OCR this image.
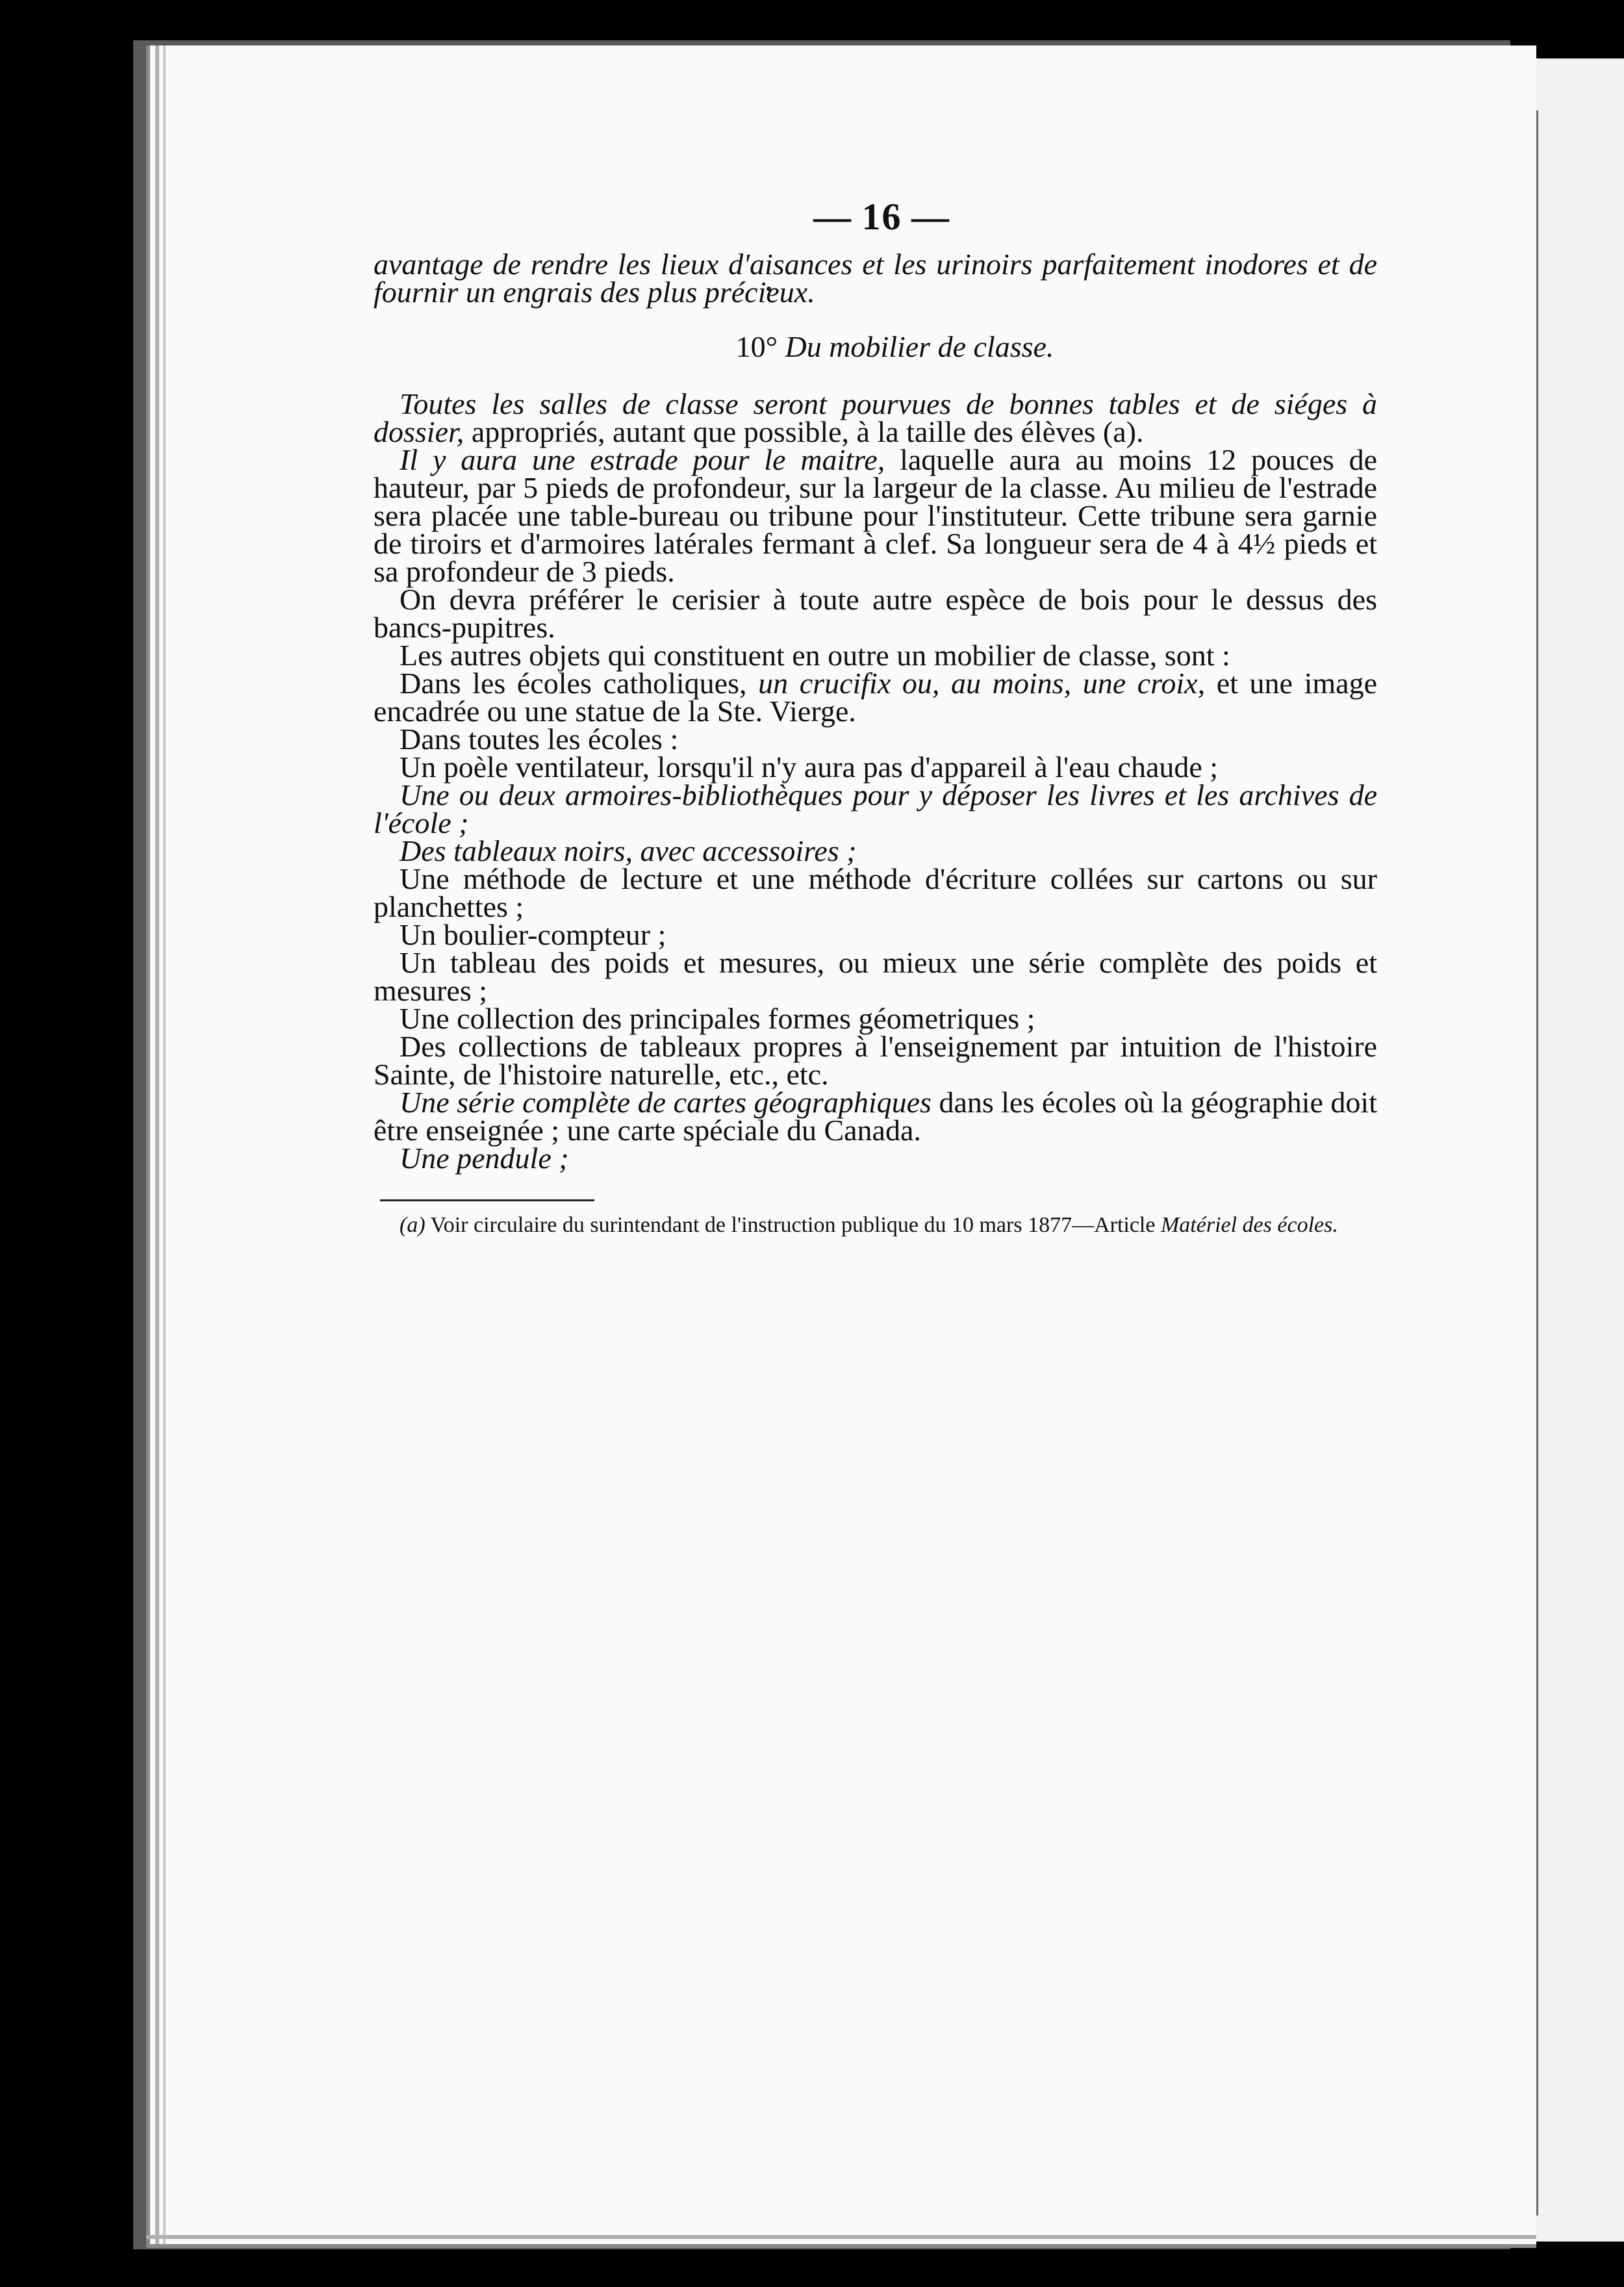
— 16 —

avantage de rendre les lieux d'aisances et les urinoirs parfaitement inodores et de fournir un engrais des plus précieux.

10° Du mobilier de classe.

Toutes les salles de classe seront pourvues de bonnes tables et de siéges à dossier, appropriés, autant que possible, à la taille des élèves (a).

Il y aura une estrade pour le maitre, laquelle aura au moins 12 pouces de hauteur, par 5 pieds de profondeur, sur la largeur de la classe. Au milieu de l'estrade sera placée une table-bureau ou tribune pour l'instituteur. Cette tribune sera garnie de tiroirs et d'armoires latérales fermant à clef. Sa longueur sera de 4 à 4½ pieds et sa profondeur de 3 pieds.

On devra préférer le cerisier à toute autre espèce de bois pour le dessus des bancs-pupitres.

Les autres objets qui constituent en outre un mobilier de classe, sont :

Dans les écoles catholiques, un crucifix ou, au moins, une croix, et une image encadrée ou une statue de la Ste. Vierge.

Dans toutes les écoles :

Un poèle ventilateur, lorsqu'il n'y aura pas d'appareil à l'eau chaude ;

Une ou deux armoires-bibliothèques pour y déposer les livres et les archives de l'école ;

Des tableaux noirs, avec accessoires ;

Une méthode de lecture et une méthode d'écriture collées sur cartons ou sur planchettes ;

Un boulier-compteur ;

Un tableau des poids et mesures, ou mieux une série complète des poids et mesures ;

Une collection des principales formes géometriques ;

Des collections de tableaux propres à l'enseignement par intuition de l'histoire Sainte, de l'histoire naturelle, etc., etc.

Une série complète de cartes géographiques dans les écoles où la géographie doit être enseignée ; une carte spéciale du Canada.

Une pendule ;

(a) Voir circulaire du surintendant de l'instruction publique du 10 mars 1877—Article Matériel des écoles.
